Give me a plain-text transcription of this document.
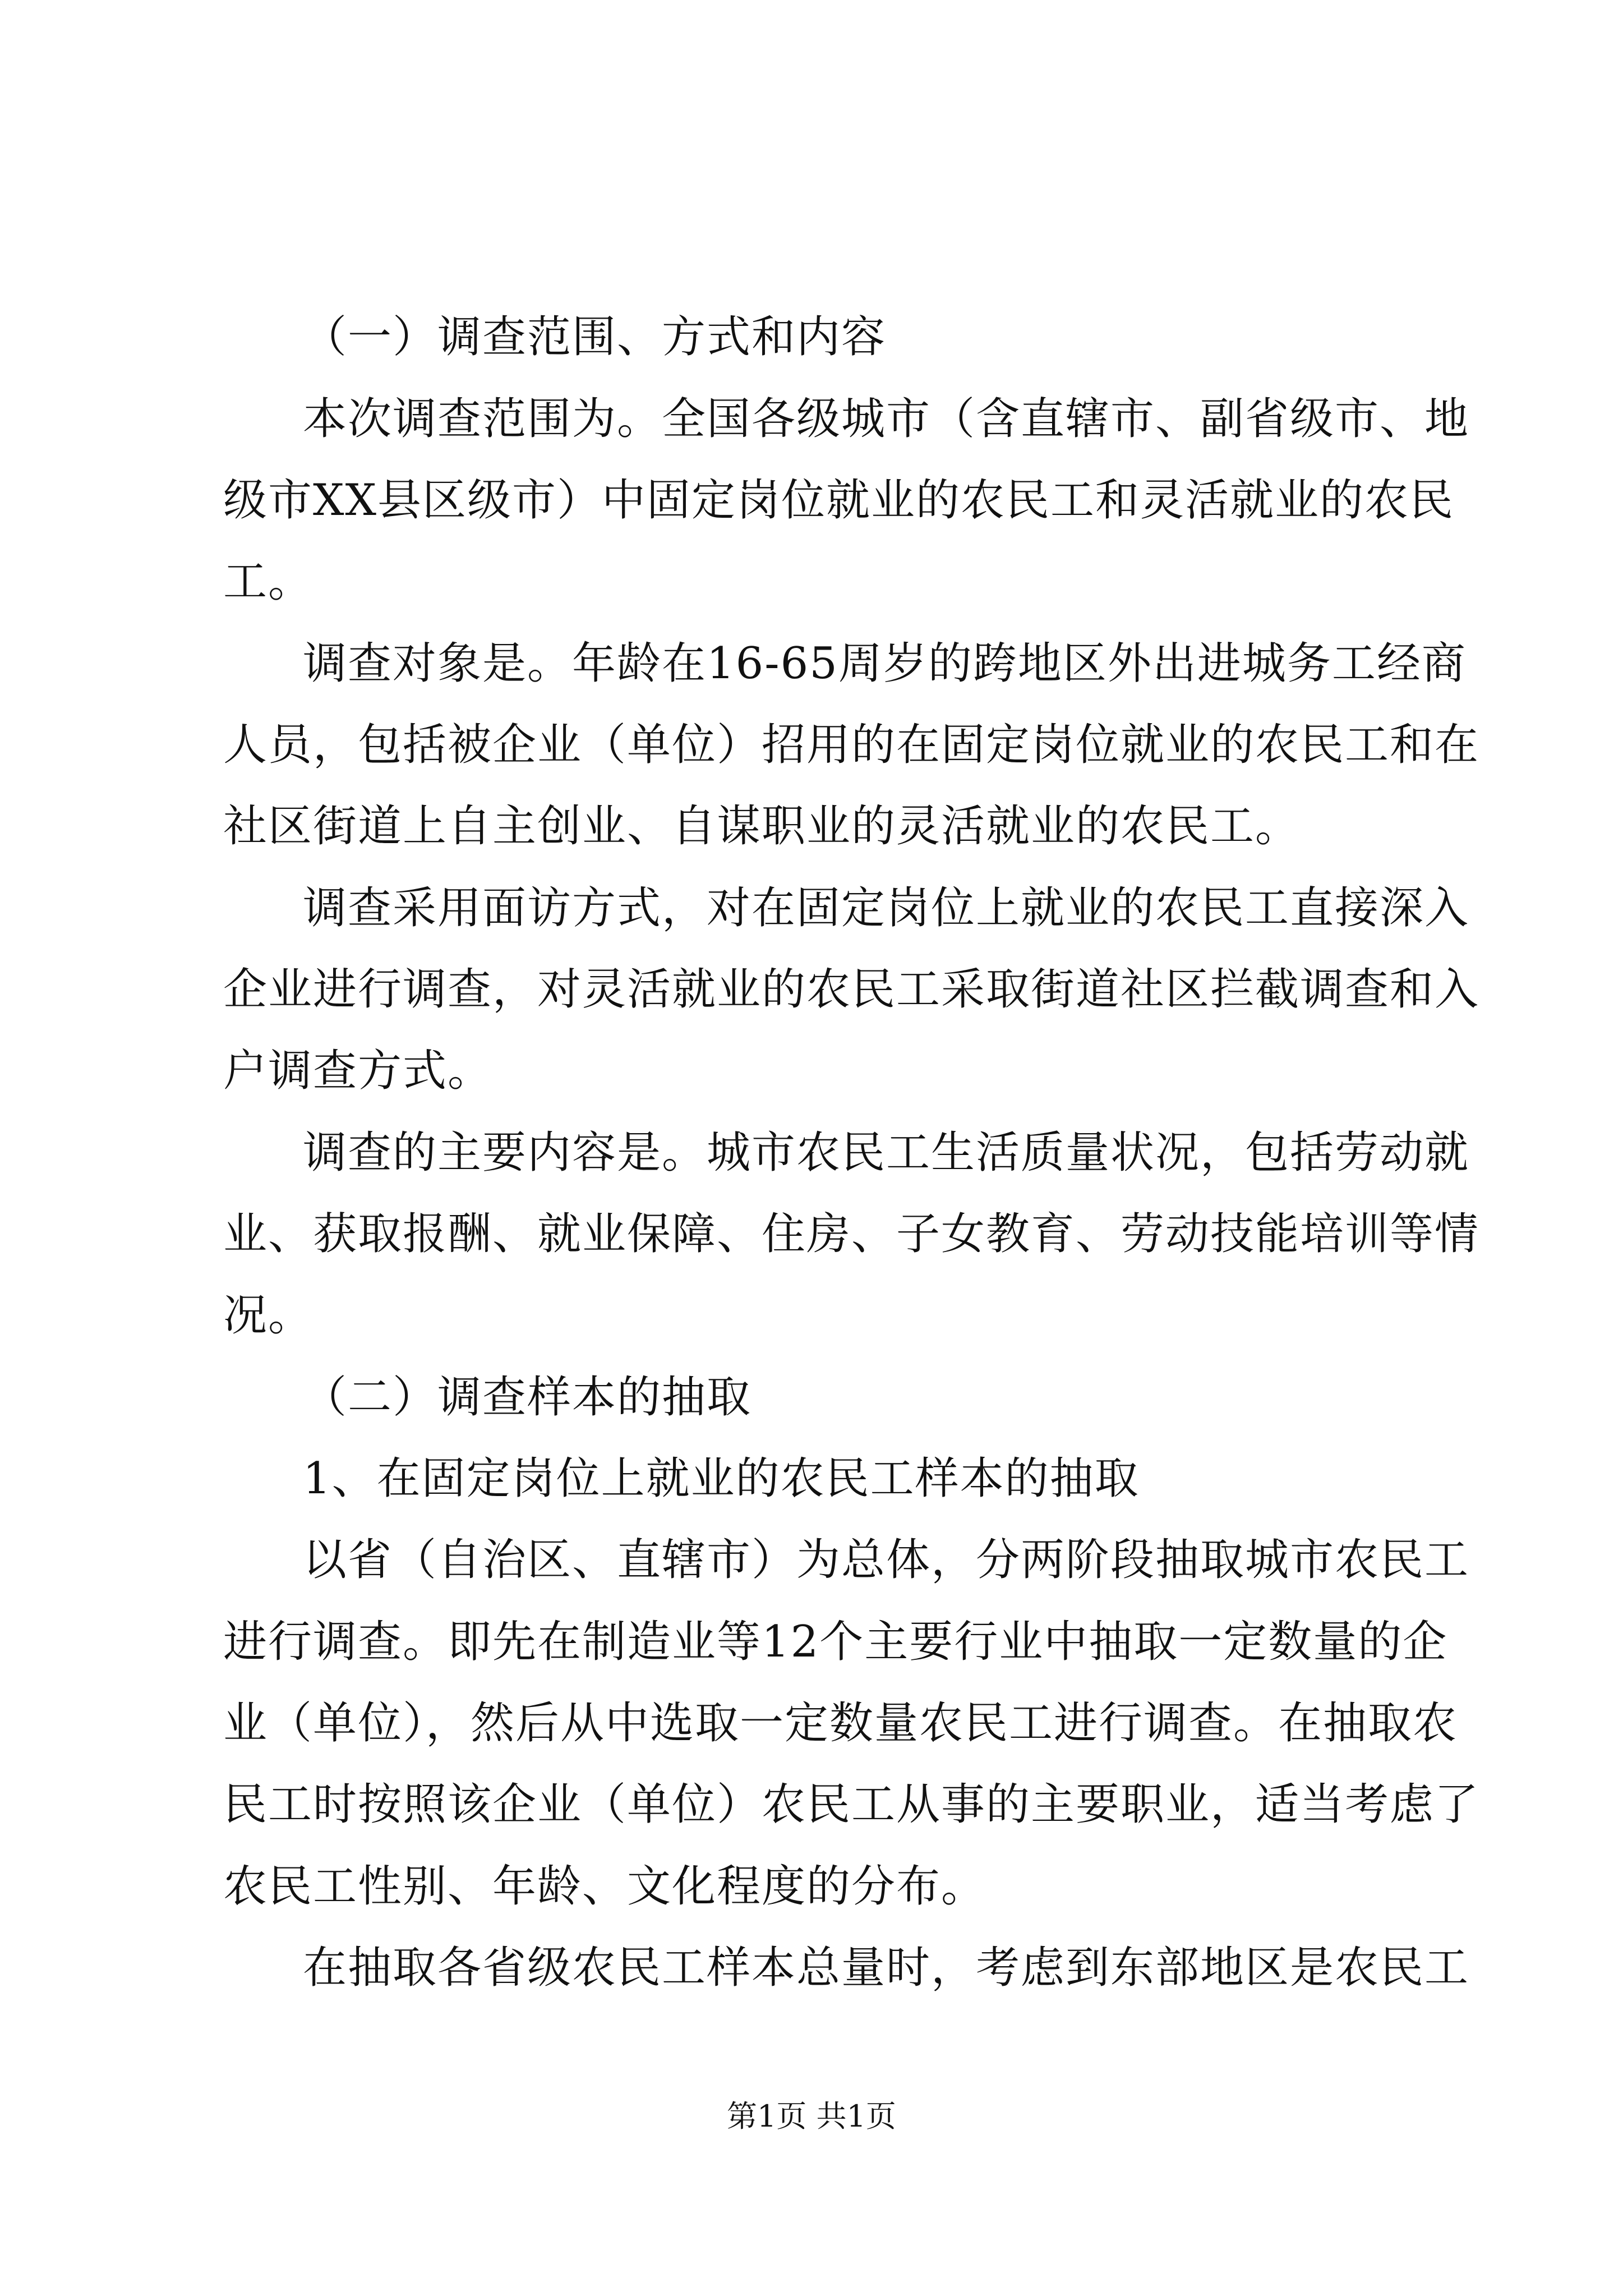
（一）调查范围、方式和内容
本次调查范围为。全国各级城市（含直辖市、副省级市、地
级市XX县区级市）中固定岗位就业的农民工和灵活就业的农民
工。
调查对象是。年龄在16-65周岁的跨地区外出进城务工经商
人员，包括被企业（单位）招用的在固定岗位就业的农民工和在
社区街道上自主创业、自谋职业的灵活就业的农民工。
调查采用面访方式，对在固定岗位上就业的农民工直接深入
企业进行调查，对灵活就业的农民工采取街道社区拦截调查和入
户调查方式。
调查的主要内容是。城市农民工生活质量状况，包括劳动就
业、获取报酬、就业保障、住房、子女教育、劳动技能培训等情
况。
（二）调查样本的抽取
1、在固定岗位上就业的农民工样本的抽取
以省（自治区、直辖市）为总体，分两阶段抽取城市农民工
进行调查。即先在制造业等12个主要行业中抽取一定数量的企
业（单位），然后从中选取一定数量农民工进行调查。在抽取农
民工时按照该企业（单位）农民工从事的主要职业，适当考虑了
农民工性别、年龄、文化程度的分布。
在抽取各省级农民工样本总量时，考虑到东部地区是农民工
第1页 共1页
